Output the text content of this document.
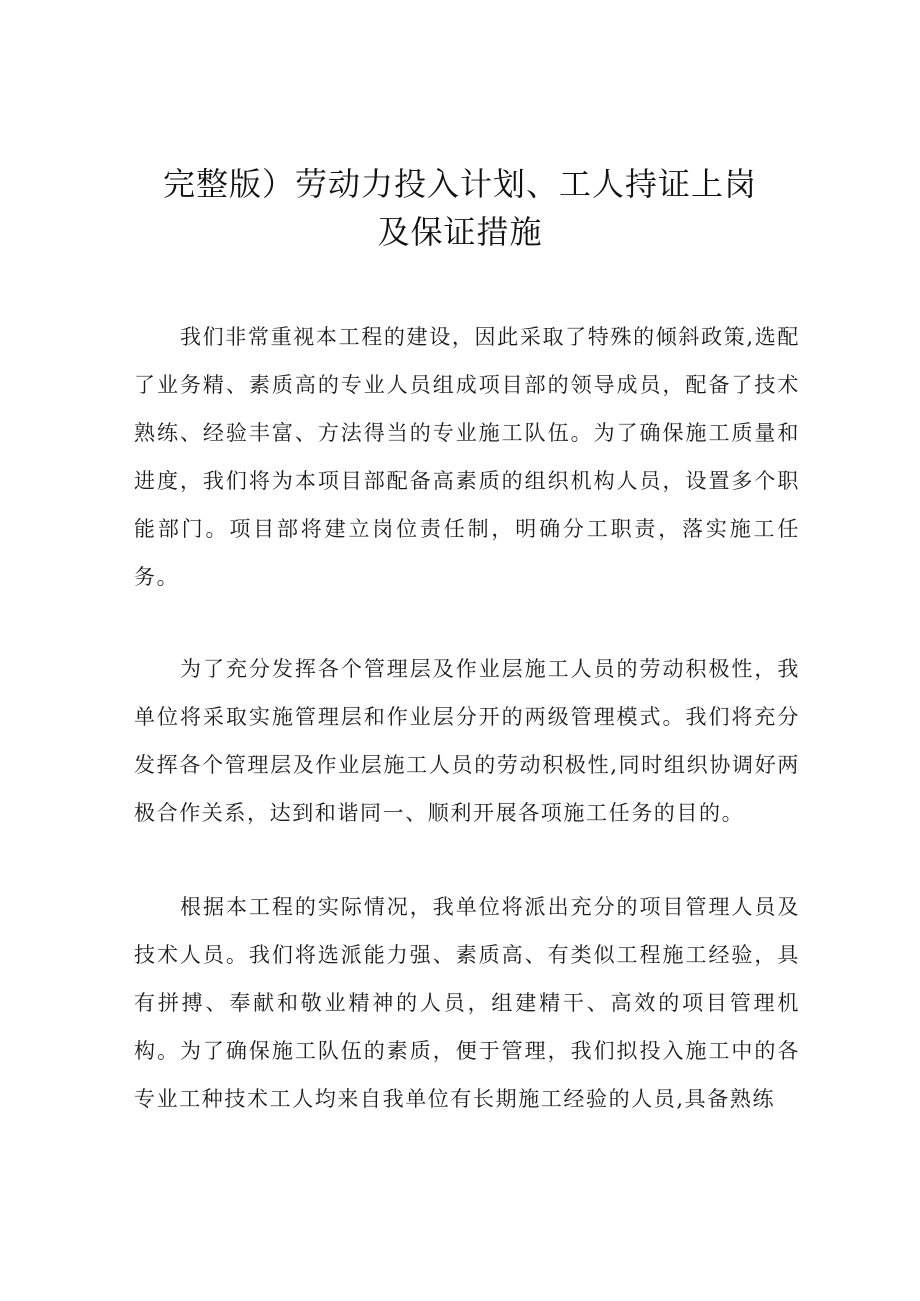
完整版）劳动力投入计划、工人持证上岗
及保证措施

我们非常重视本工程的建设，因此采取了特殊的倾斜政策,选配了业务精、素质高的专业人员组成项目部的领导成员，配备了技术熟练、经验丰富、方法得当的专业施工队伍。为了确保施工质量和进度，我们将为本项目部配备高素质的组织机构人员，设置多个职能部门。项目部将建立岗位责任制，明确分工职责，落实施工任务。

为了充分发挥各个管理层及作业层施工人员的劳动积极性，我单位将采取实施管理层和作业层分开的两级管理模式。我们将充分发挥各个管理层及作业层施工人员的劳动积极性,同时组织协调好两极合作关系，达到和谐同一、顺利开展各项施工任务的目的。

根据本工程的实际情况，我单位将派出充分的项目管理人员及技术人员。我们将选派能力强、素质高、有类似工程施工经验，具有拼搏、奉献和敬业精神的人员，组建精干、高效的项目管理机构。为了确保施工队伍的素质，便于管理，我们拟投入施工中的各专业工种技术工人均来自我单位有长期施工经验的人员,具备熟练
